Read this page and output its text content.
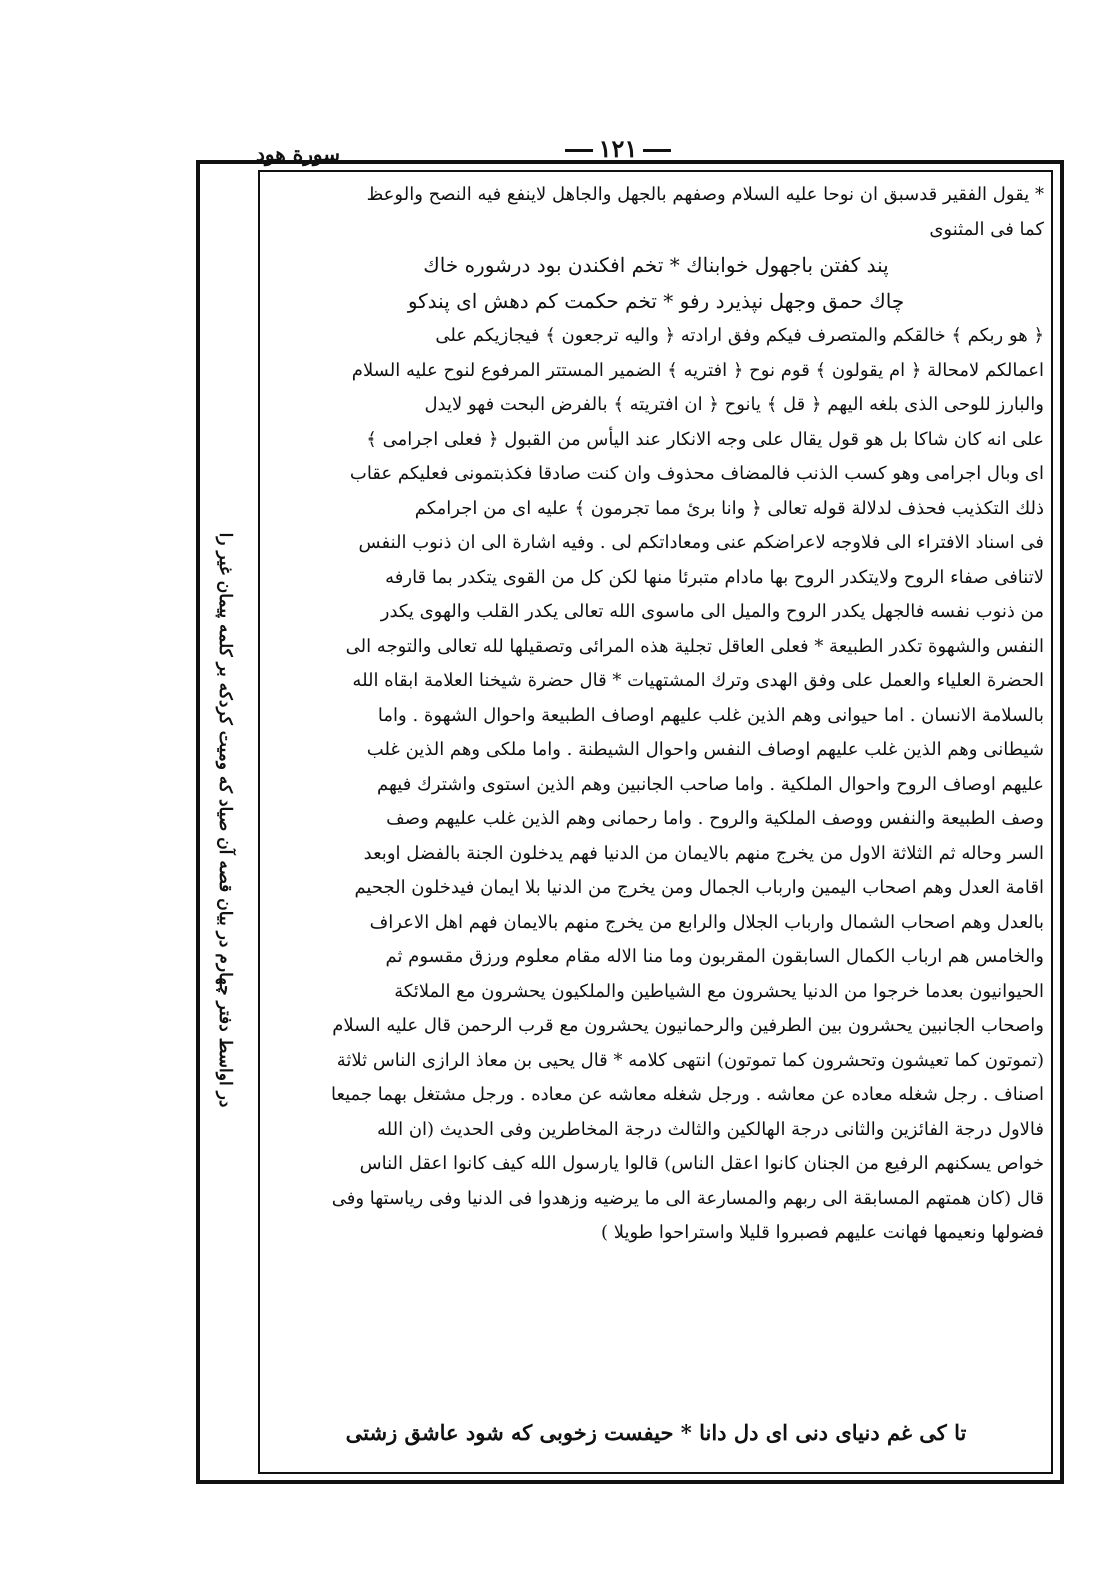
سورة هود	١٢١
در اواسط دفتر چهارم در بیان قصه آن صیاد که ومیت کردکه بر کلمه پیمان غیر را
* يقول الفقير قدسبق ان نوحا عليه السلام وصفهم بالجهل والجاهل لاينفع فيه النصح والوعظ
كما فى المثنوى
پند كفتن باجهول خوابناك * تخم افكندن بود درشوره خاك
چاك حمق وجهل نپذيرد رفو * تخم حكمت كم دهش اى پندكو
﴿ هو ربكم ﴾ خالقكم والمتصرف فيكم وفق ارادته ﴿ واليه ترجعون ﴾ فيجازيكم على
اعمالكم لامحالة ﴿ ام يقولون ﴾ قوم نوح ﴿ افتريه ﴾ الضمير المستتر المرفوع لنوح عليه السلام
والبارز للوحى الذى بلغه اليهم ﴿ قل ﴾ يانوح ﴿ ان افتريته ﴾ بالفرض البحت فهو لايدل
على انه كان شاكا بل هو قول يقال على وجه الانكار عند اليأس من القبول ﴿ فعلى اجرامى ﴾
اى وبال اجرامى وهو كسب الذنب فالمضاف محذوف وان كنت صادقا فكذبتمونى فعليكم عقاب
ذلك التكذيب فحذف لدلالة قوله تعالى ﴿ وانا برئ مما تجرمون ﴾ عليه اى من اجرامكم
فى اسناد الافتراء الى فلاوجه لاعراضكم عنى ومعاداتكم لى . وفيه اشارة الى ان ذنوب النفس
لاتنافى صفاء الروح ولايتكدر الروح بها مادام متبرئا منها لكن كل من القوى يتكدر بما قارفه
من ذنوب نفسه فالجهل يكدر الروح والميل الى ماسوى الله تعالى يكدر القلب والهوى يكدر
النفس والشهوة تكدر الطبيعة * فعلى العاقل تجلية هذه المرائى وتصقيلها لله تعالى والتوجه الى
الحضرة العلياء والعمل على وفق الهدى وترك المشتهيات * قال حضرة شيخنا العلامة ابقاه الله
بالسلامة الانسان . اما حيوانى وهم الذين غلب عليهم اوصاف الطبيعة واحوال الشهوة . واما
شيطانى وهم الذين غلب عليهم اوصاف النفس واحوال الشيطنة . واما ملكى وهم الذين غلب
عليهم اوصاف الروح واحوال الملكية . واما صاحب الجانبين وهم الذين استوى واشترك فيهم
وصف الطبيعة والنفس ووصف الملكية والروح . واما رحمانى وهم الذين غلب عليهم وصف
السر وحاله ثم الثلاثة الاول من يخرج منهم بالايمان من الدنيا فهم يدخلون الجنة بالفضل اوبعد
اقامة العدل وهم اصحاب اليمين وارباب الجمال ومن يخرج من الدنيا بلا ايمان فيدخلون الجحيم
بالعدل وهم اصحاب الشمال وارباب الجلال والرابع من يخرج منهم بالايمان فهم اهل الاعراف
والخامس هم ارباب الكمال السابقون المقربون وما منا الاله مقام معلوم ورزق مقسوم ثم
الحيوانيون بعدما خرجوا من الدنيا يحشرون مع الشياطين والملكيون يحشرون مع الملائكة
واصحاب الجانبين يحشرون بين الطرفين والرحمانيون يحشرون مع قرب الرحمن قال عليه السلام
(تموتون كما تعيشون وتحشرون كما تموتون) انتهى كلامه * قال يحيى بن معاذ الرازى الناس ثلاثة
اصناف . رجل شغله معاده عن معاشه . ورجل شغله معاشه عن معاده . ورجل مشتغل بهما جميعا
فالاول درجة الفائزين والثانى درجة الهالكين والثالث درجة المخاطرين وفى الحديث (ان الله
خواص يسكنهم الرفيع من الجنان كانوا اعقل الناس) قالوا يارسول الله كيف كانوا اعقل الناس
قال (كان همتهم المسابقة الى ربهم والمسارعة الى ما يرضيه وزهدوا فى الدنيا وفى رياستها وفى
فضولها ونعيمها فهانت عليهم فصبروا قليلا واستراحوا طويلا )
تا كى غم دنياى دنى اى دل دانا * حيفست زخوبى كه شود عاشق زشتى
